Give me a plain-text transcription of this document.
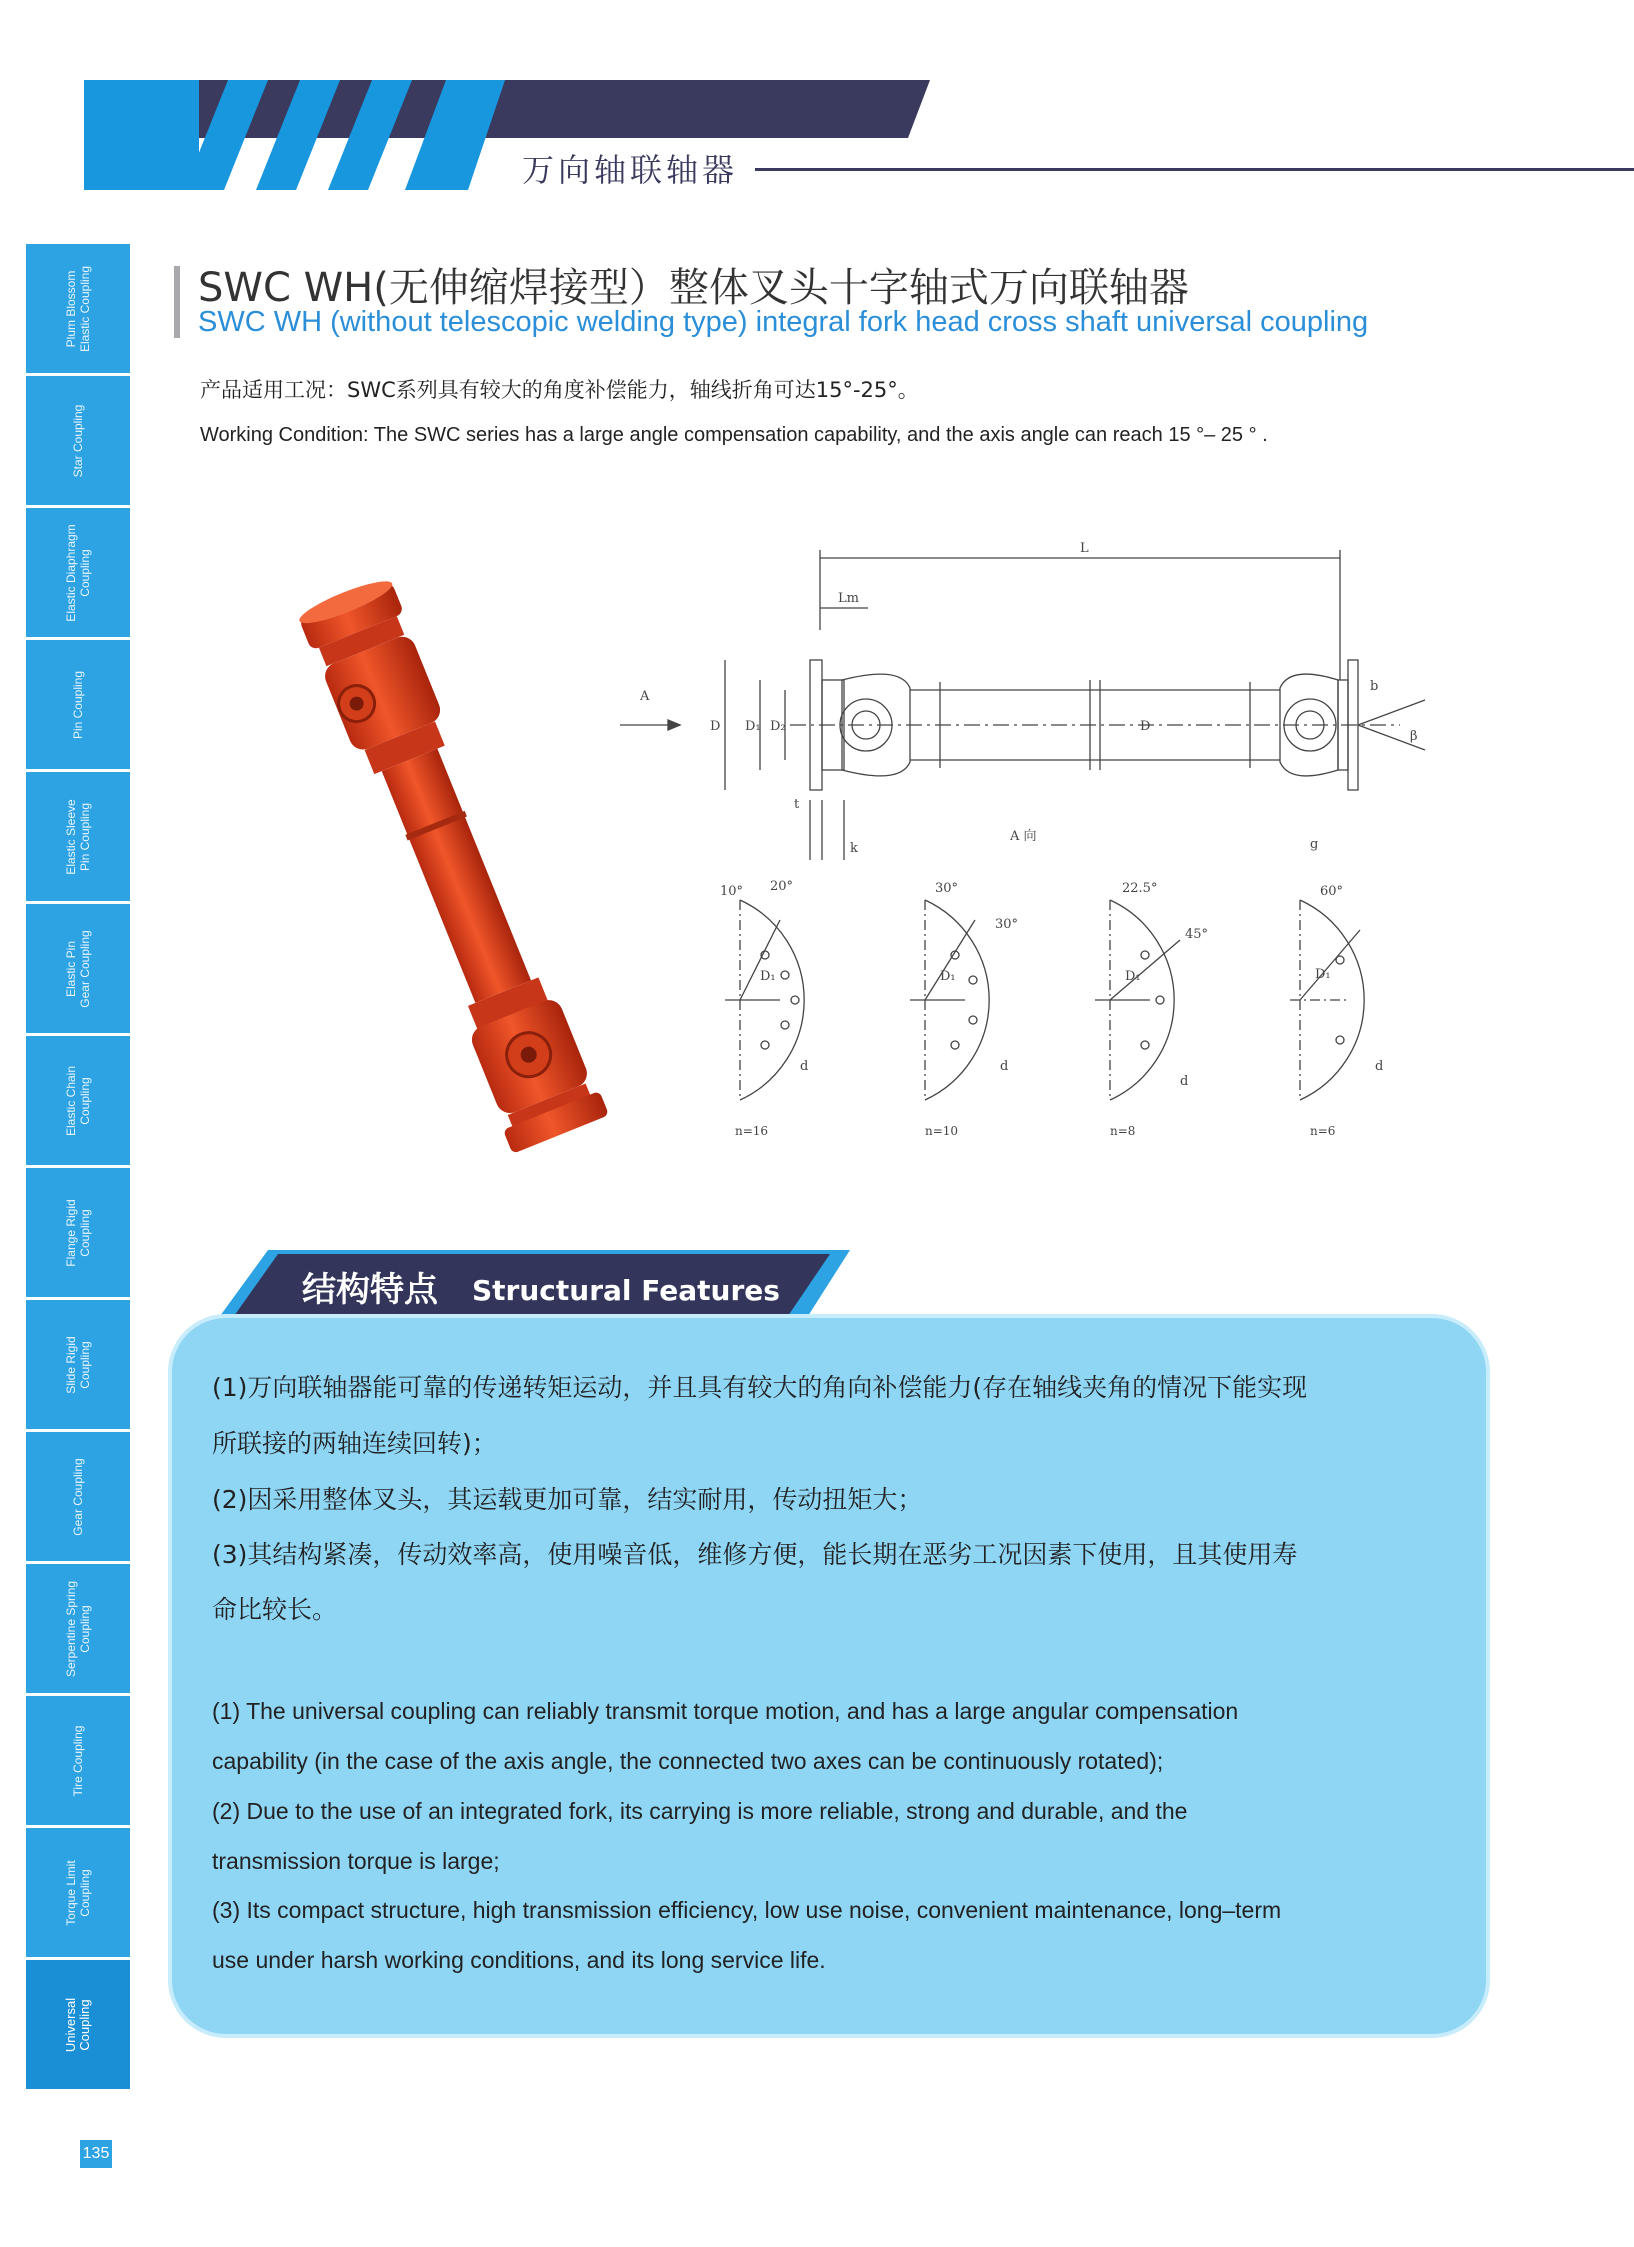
万向轴联轴器
Plum Blossom
Elastic Coupling
Star Coupling
Elastic Diaphragm
Coupling
Pin Coupling
Elastic Sleeve
Pin Coupling
Elastic Pin
Gear Coupling
Elastic Chain
Coupling
Flange Rigid
Coupling
Slide Rigid
Coupling
Gear Coupling
Serpentine Spring
Coupling
Tire Coupling
Torque Limit
Coupling
Universal Coupling
135
SWC WH(无伸缩焊接型）整体叉头十字轴式万向联轴器
SWC WH (without telescopic welding type) integral fork head cross shaft universal coupling
产品适用工况：SWC系列具有较大的角度补偿能力，轴线折角可达15°-25°。
Working Condition: The SWC series has a large angle compensation capability, and the axis angle can reach 15 °– 25 ° .
L
Lm
b
β
D D₁ D₂	D
A
t
k	g
A 向
10° 20°
D₁
d
n=16
30°
30°
D₁
d
n=10
22.5°
45°
D₁
d
n=8
60°
D₁
d
n=6
结构特点 Structural Features
(1)万向联轴器能可靠的传递转矩运动，并且具有较大的角向补偿能力(存在轴线夹角的情况下能实现
所联接的两轴连续回转)；
(2)因采用整体叉头，其运载更加可靠，结实耐用，传动扭矩大；
(3)其结构紧凑，传动效率高，使用噪音低，维修方便，能长期在恶劣工况因素下使用，且其使用寿
命比较长。
(1) The universal coupling can reliably transmit torque motion, and has a large angular compensation
capability (in the case of the axis angle, the connected two axes can be continuously rotated);
(2) Due to the use of an integrated fork, its carrying is more reliable, strong and durable, and the
transmission torque is large;
(3) Its compact structure, high transmission efficiency, low use noise, convenient maintenance, long–term
use under harsh working conditions, and its long service life.
